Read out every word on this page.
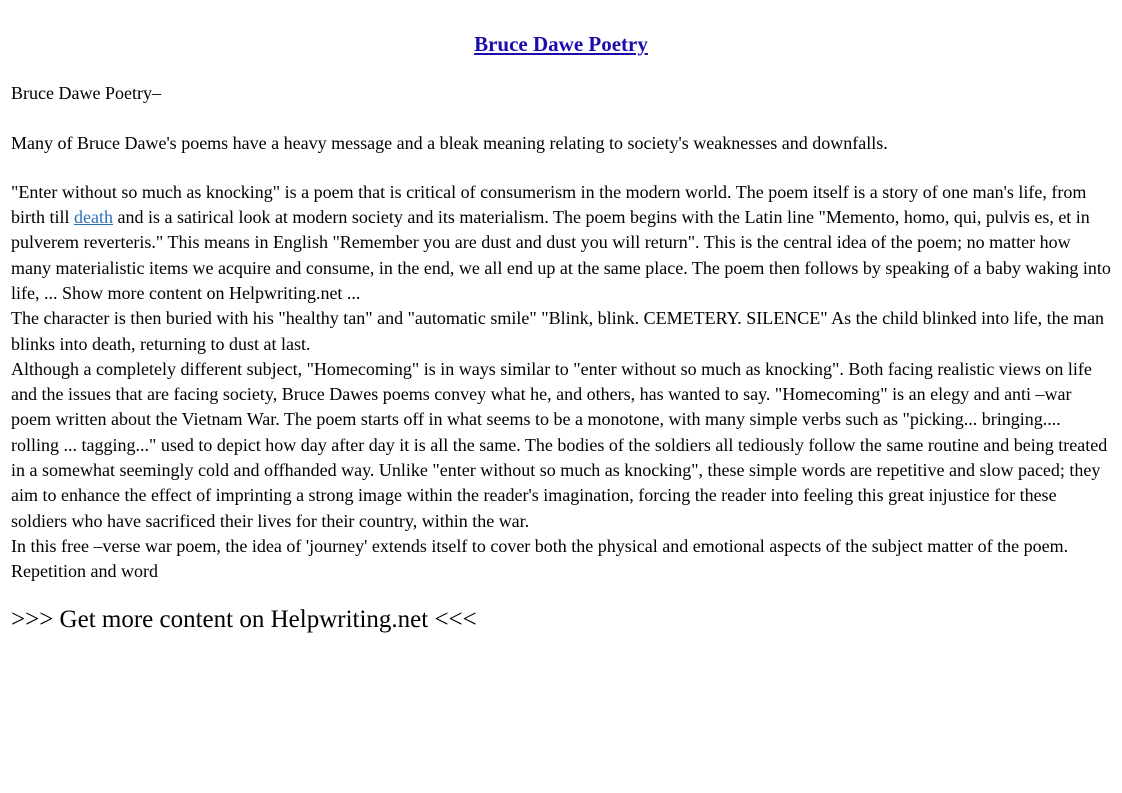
Bruce Dawe Poetry
Bruce Dawe Poetry–

Many of Bruce Dawe's poems have a heavy message and a bleak meaning relating to society's weaknesses and downfalls.

"Enter without so much as knocking" is a poem that is critical of consumerism in the modern world. The poem itself is a story of one man's life, from birth till death and is a satirical look at modern society and its materialism. The poem begins with the Latin line "Memento, homo, qui, pulvis es, et in pulverem reverteris." This means in English "Remember you are dust and dust you will return". This is the central idea of the poem; no matter how many materialistic items we acquire and consume, in the end, we all end up at the same place. The poem then follows by speaking of a baby waking into life, ... Show more content on Helpwriting.net ...

The character is then buried with his "healthy tan" and "automatic smile" "Blink, blink. CEMETERY. SILENCE" As the child blinked into life, the man blinks into death, returning to dust at last.

Although a completely different subject, "Homecoming" is in ways similar to "enter without so much as knocking". Both facing realistic views on life and the issues that are facing society, Bruce Dawes poems convey what he, and others, has wanted to say. "Homecoming" is an elegy and anti –war poem written about the Vietnam War. The poem starts off in what seems to be a monotone, with many simple verbs such as "picking... bringing.... rolling ... tagging..." used to depict how day after day it is all the same. The bodies of the soldiers all tediously follow the same routine and being treated in a somewhat seemingly cold and offhanded way. Unlike "enter without so much as knocking", these simple words are repetitive and slow paced; they aim to enhance the effect of imprinting a strong image within the reader's imagination, forcing the reader into feeling this great injustice for these soldiers who have sacrificed their lives for their country, within the war.

In this free –verse war poem, the idea of 'journey' extends itself to cover both the physical and emotional aspects of the subject matter of the poem. Repetition and word

>>> Get more content on Helpwriting.net <<<
